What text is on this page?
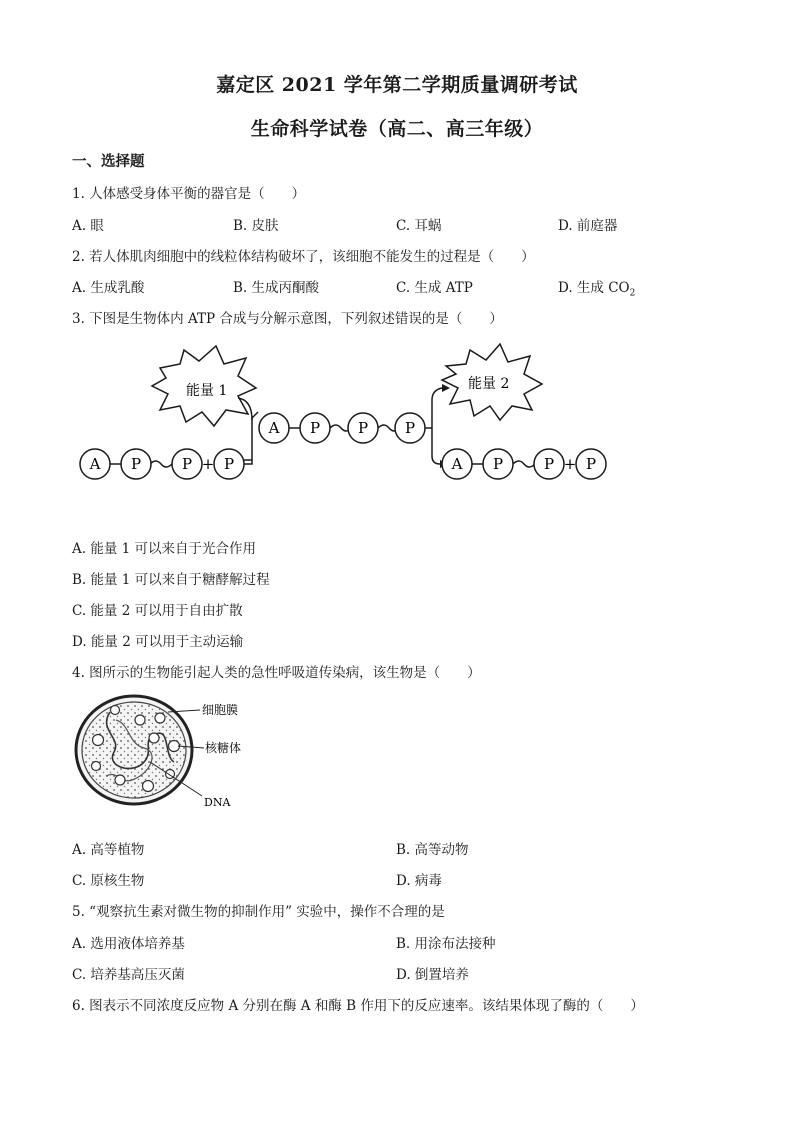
嘉定区 2021 学年第二学期质量调研考试
生命科学试卷（高二、高三年级）
一、选择题
1. 人体感受身体平衡的器官是（　　）
A. 眼	B. 皮肤	C. 耳蜗	D. 前庭器
2. 若人体肌肉细胞中的线粒体结构破坏了，该细胞不能发生的过程是（　　）
A. 生成乳酸	B. 生成丙酮酸	C. 生成 ATP	D. 生成 $CO_2$
3. 下图是生物体内 ATP 合成与分解示意图，下列叙述错误的是（　　）
能量 1	能量 2
A P	P + P
A P	P P
A P	P + P
A. 能量 1 可以来自于光合作用
B. 能量 1 可以来自于糖酵解过程
C. 能量 2 可以用于自由扩散
D. 能量 2 可以用于主动运输
4. 图所示的生物能引起人类的急性呼吸道传染病，该生物是（　　）
细胞膜
核糖体
DNA
A. 高等植物	B. 高等动物
C. 原核生物	D. 病毒
5. “观察抗生素对微生物的抑制作用” 实验中，操作不合理的是
A. 选用液体培养基	B. 用涂布法接种
C. 培养基高压灭菌	D. 倒置培养
6. 图表示不同浓度反应物 A 分别在酶 A 和酶 B 作用下的反应速率。该结果体现了酶的（　　）
